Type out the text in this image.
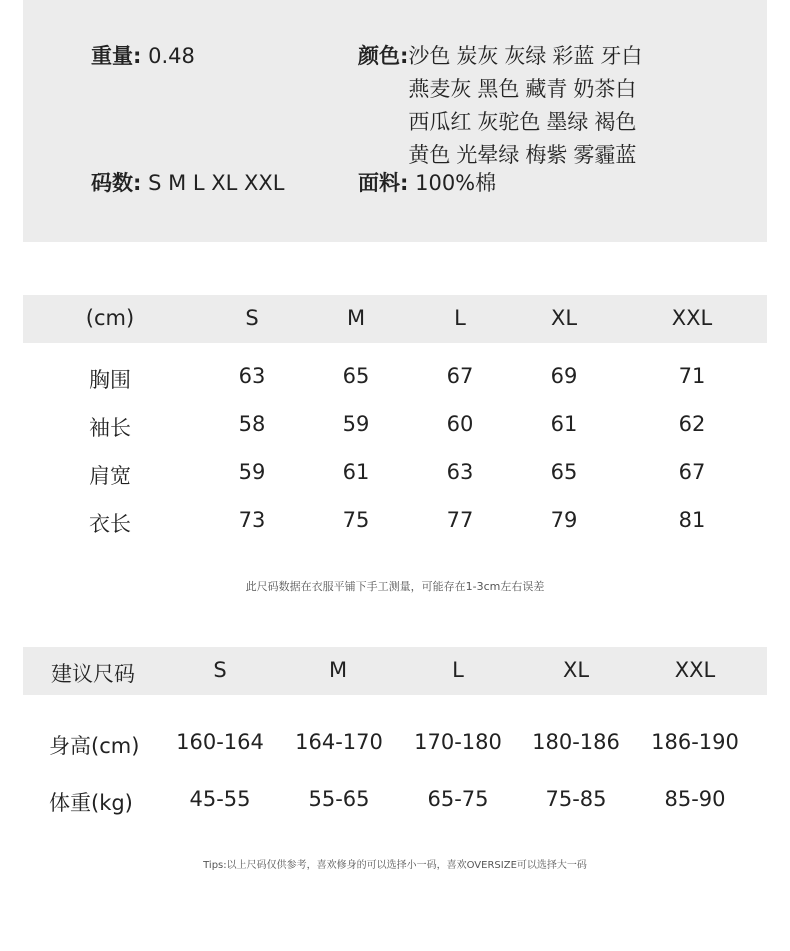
重量: 0.48	颜色: 沙色 炭灰 灰绿 彩蓝 牙白
燕麦灰 黑色 藏青 奶茶白
西瓜红 灰驼色 墨绿 褐色
黄色 光晕绿 梅紫 雾霾蓝
码数: S M L XL XXL	面料: 100%棉
(cm)	S	M	L	XL	XXL
胸围	63	65	67	69	71
袖长	58	59	60	61	62
肩宽	59	61	63	65	67
衣长	73	75	77	79	81
此尺码数据在衣服平铺下手工测量，可能存在1-3cm左右误差
建议尺码	S	M	L	XL	XXL
身高(cm) 160-164 164-170 170-180 180-186 186-190
体重(kg)	45-55	55-65	65-75	75-85	85-90
Tips:以上尺码仅供参考，喜欢修身的可以选择小一码，喜欢OVERSIZE可以选择大一码
